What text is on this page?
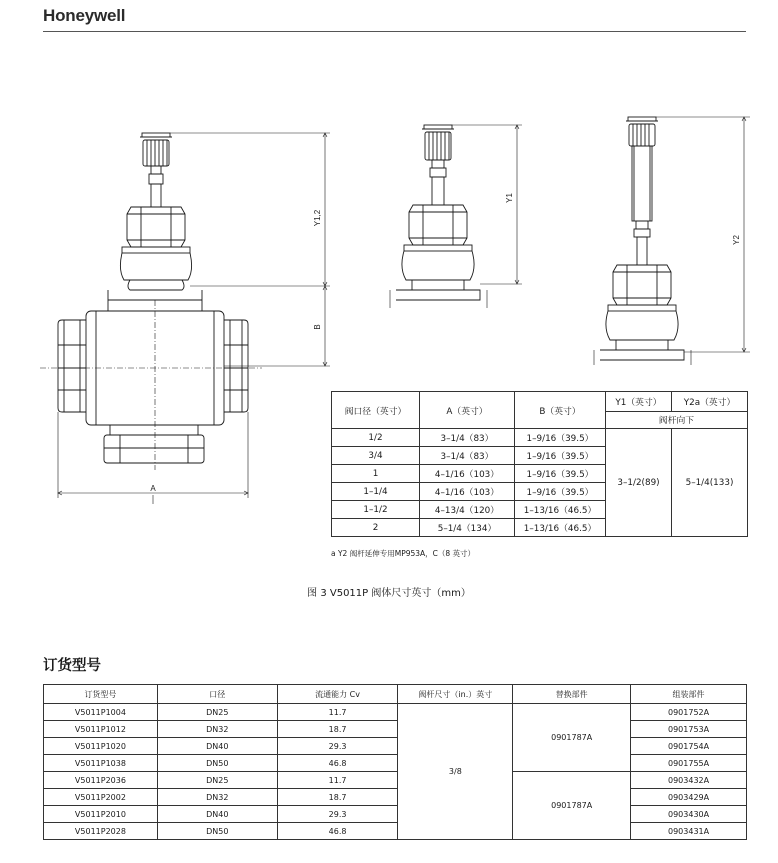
Honeywell
Y1,2
B
A
Y1
Y2
阀口径（英寸）	A（英寸）	B（英寸）	Y1（英寸）	Y2a（英寸）
			阀杆向下	
1/2	3–1/4（83）	1–9/16（39.5）	3–1/2(89)	5–1/4(133)
3/4	3–1/4（83）	1–9/16（39.5）		
1	4–1/16（103）	1–9/16（39.5）		
1–1/4	4–1/16（103）	1–9/16（39.5）		
1–1/2	4–13/4（120）	1–13/16（46.5）		
2	5–1/4（134）	1–13/16（46.5）		
a Y2 阀杆延伸专用MP953A，C（8 英寸）
图 3 V5011P 阀体尺寸英寸（mm）
订货型号
订货型号	口径	流通能力 Cv	阀杆尺寸（in.）英寸	替换部件	组装部件
V5011P1004	DN25	11.7	3/8	0901787A	0901752A
V5011P1012	DN32	18.7			0901753A
V5011P1020	DN40	29.3			0901754A
V5011P1038	DN50	46.8			0901755A
V5011P2036	DN25	11.7		0901787A	0903432A
V5011P2002	DN32	18.7			0903429A
V5011P2010	DN40	29.3			0903430A
V5011P2028	DN50	46.8			0903431A
